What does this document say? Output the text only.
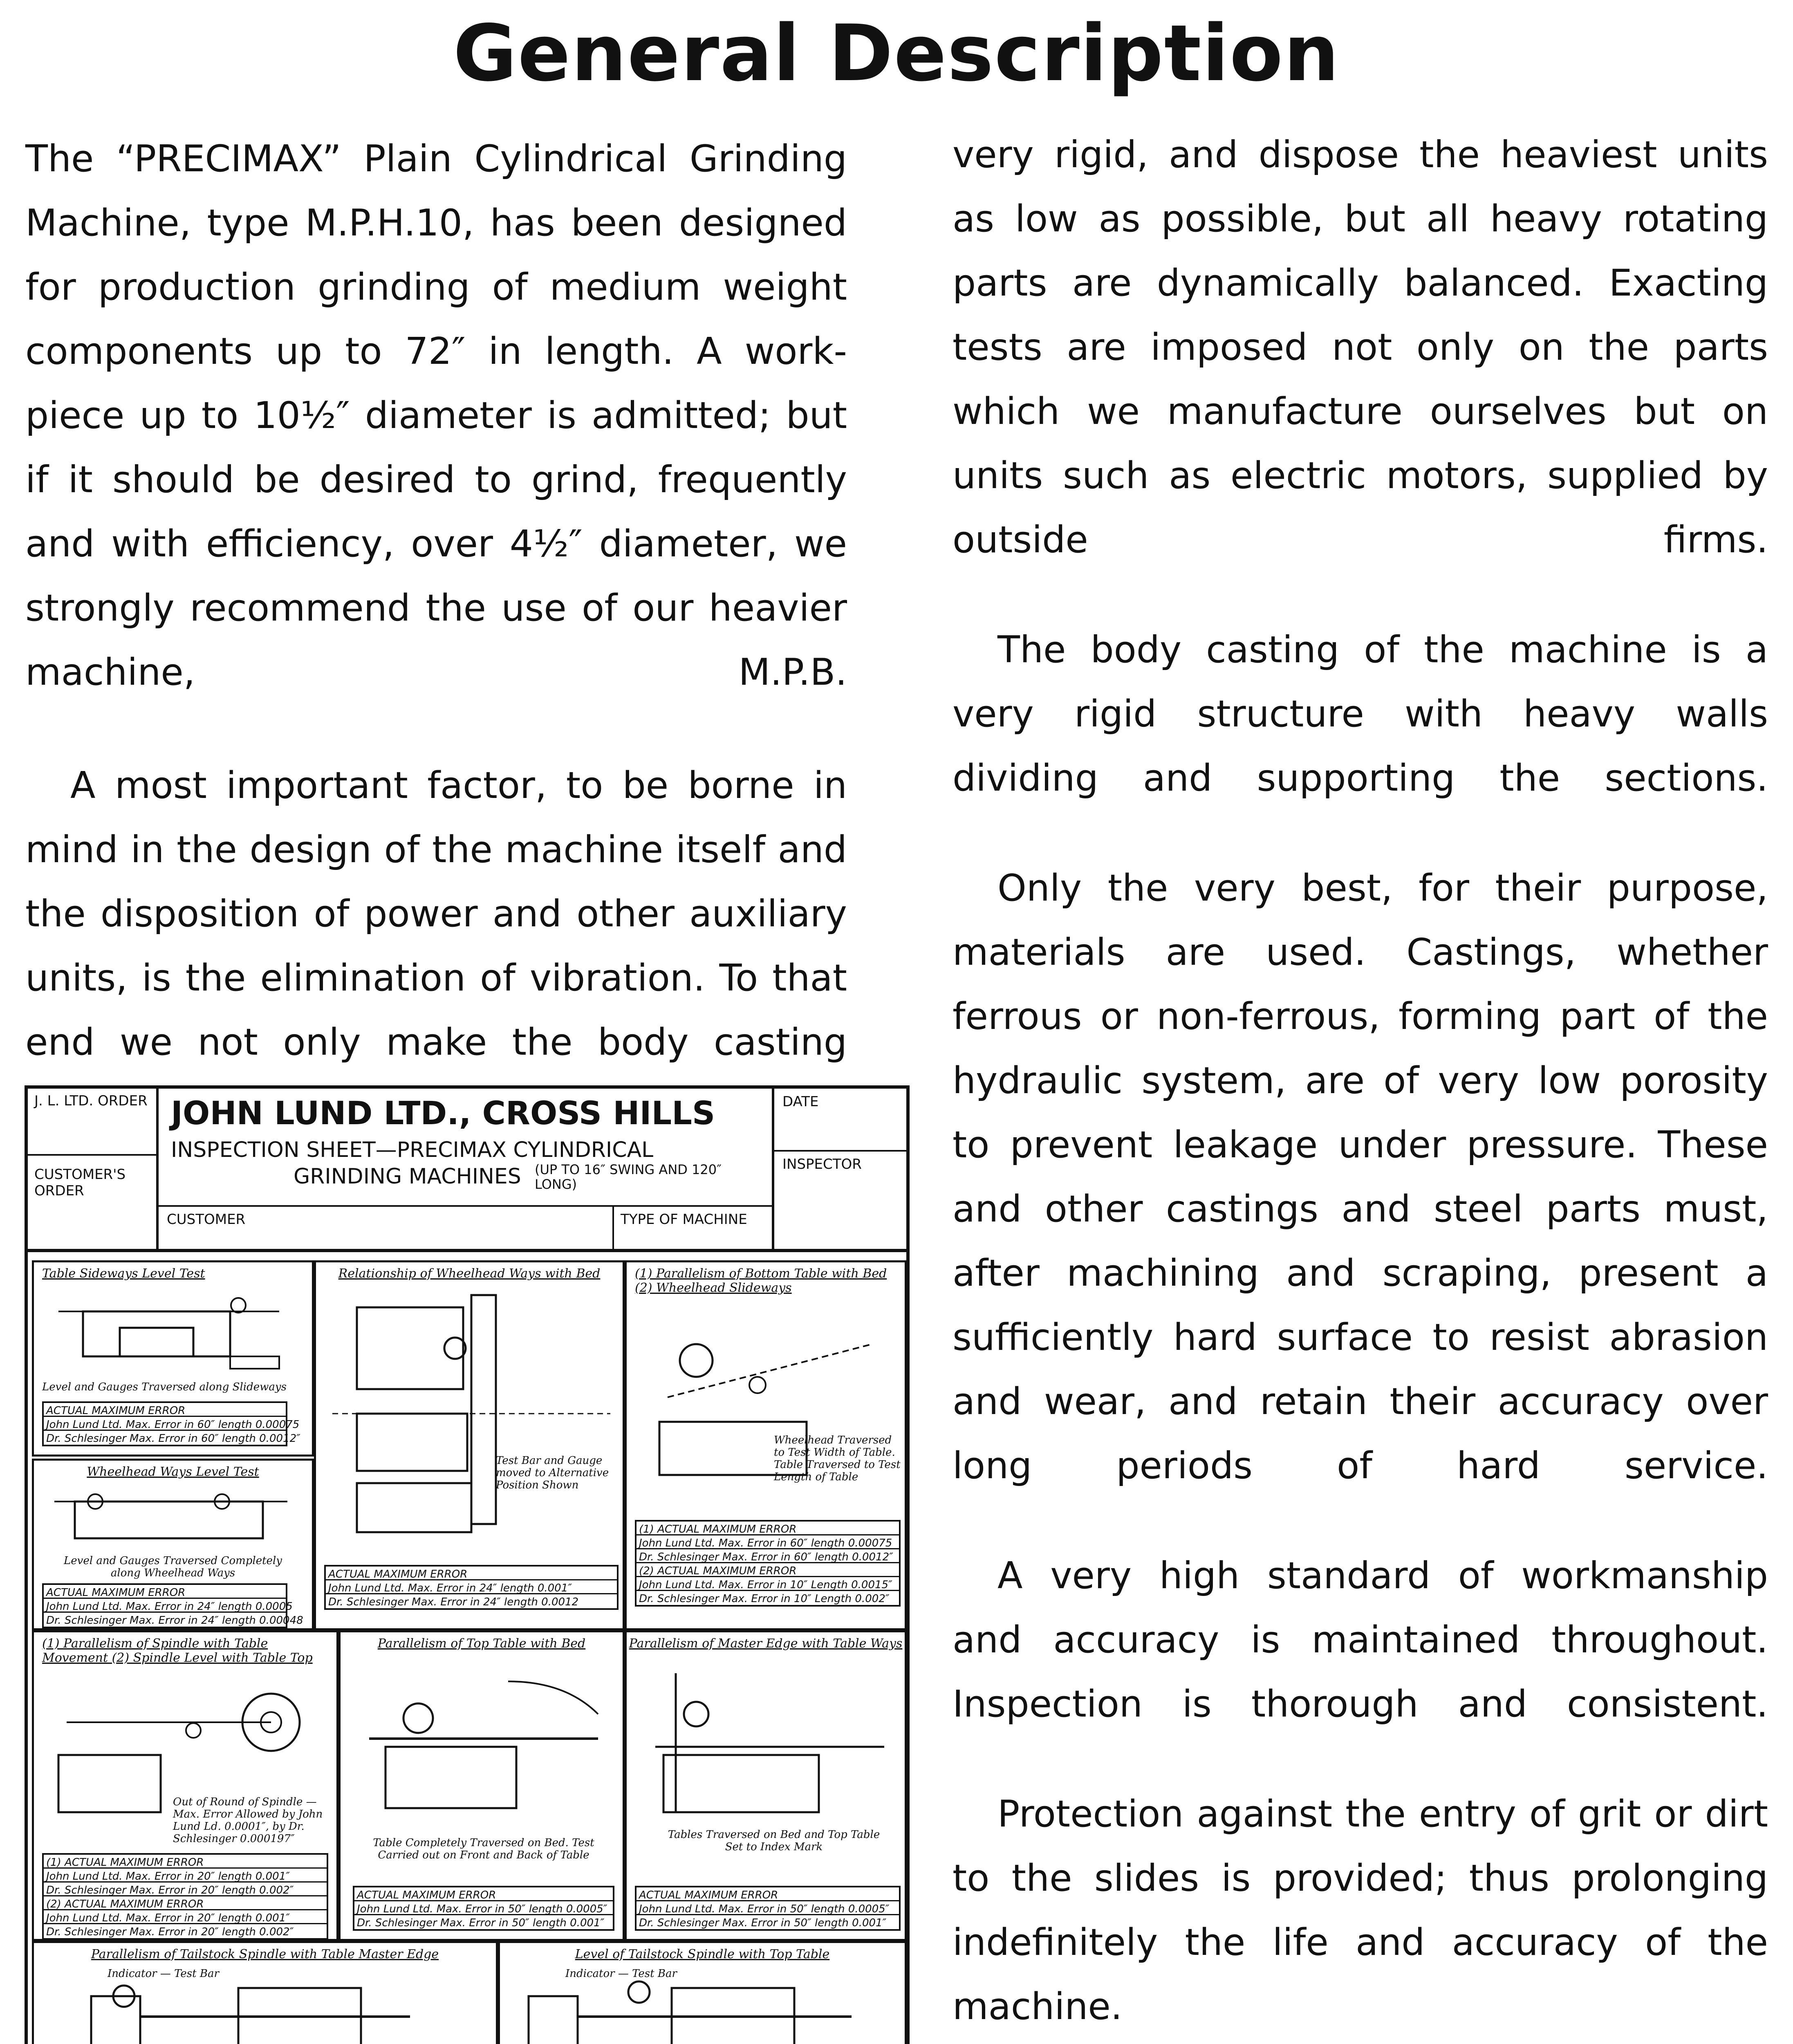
General Description

The “PRECIMAX” Plain Cylindrical Grinding Machine, type M.P.H.10, has been designed for production grinding of medium weight components up to 72″ in length. A work-piece up to 10½″ diameter is admitted; but if it should be desired to grind, frequently and with efficiency, over 4½″ diameter, we strongly recommend the use of our heavier machine, M.P.B.

A most important factor, to be borne in mind in the design of the machine itself and the disposition of power and other auxiliary units, is the elimination of vibration. To that end we not only make the body casting

very rigid, and dispose the heaviest units as low as possible, but all heavy rotating parts are dynamically balanced. Exacting tests are imposed not only on the parts which we manufacture ourselves but on units such as electric motors, supplied by outside firms.

The body casting of the machine is a very rigid structure with heavy walls dividing and supporting the sections.

Only the very best, for their purpose, materials are used. Castings, whether ferrous or non-ferrous, forming part of the hydraulic system, are of very low porosity to prevent leakage under pressure. These and other castings and steel parts must, after machining and scraping, present a sufficiently hard surface to resist abrasion and wear, and retain their accuracy over long periods of hard service.

A very high standard of workmanship and accuracy is maintained throughout. Inspection is thorough and consistent.

Protection against the entry of grit or dirt to the slides is provided; thus prolonging indefinitely the life and accuracy of the machine.

J. L. LTD. ORDER
CUSTOMER'S ORDER
JOHN LUND LTD., CROSS HILLS
INSPECTION SHEET—PRECIMAX CYLINDRICAL
GRINDING MACHINES (UP TO 16″ SWING AND 120″ LONG)
CUSTOMER	TYPE OF MACHINE
DATE
INSPECTOR
Table Sideways Level Test
Level and Gauges Traversed along Slideways
ACTUAL MAXIMUM ERROR
John Lund Ltd. Max. Error in 60″ length 0.00075
Dr. Schlesinger Max. Error in 60″ length 0.0012″
Wheelhead Ways Level Test
Level and Gauges Traversed Completely along Wheelhead Ways
ACTUAL MAXIMUM ERROR
John Lund Ltd. Max. Error in 24″ length 0.0005
Dr. Schlesinger Max. Error in 24″ length 0.00048
Relationship of Wheelhead Ways with Bed
Test Bar and Gauge moved to Alternative Position Shown
ACTUAL MAXIMUM ERROR
John Lund Ltd. Max. Error in 24″ length 0.001″
Dr. Schlesinger Max. Error in 24″ length 0.0012
(1) Parallelism of Bottom Table with Bed (2) Wheelhead Slideways
Wheelhead Traversed to Test Width of Table. Table Traversed to Test Length of Table
(1) ACTUAL MAXIMUM ERROR
John Lund Ltd. Max. Error in 60″ length 0.00075
Dr. Schlesinger Max. Error in 60″ length 0.0012″
(2) ACTUAL MAXIMUM ERROR
John Lund Ltd. Max. Error in 10″ Length 0.0015″
Dr. Schlesinger Max. Error in 10″ Length 0.002″
(1) Parallelism of Spindle with Table Movement (2) Spindle Level with Table Top
Out of Round of Spindle — Max. Error Allowed by John Lund Ld. 0.0001″, by Dr. Schlesinger 0.000197″
(1) ACTUAL MAXIMUM ERROR
John Lund Ltd. Max. Error in 20″ length 0.001″
Dr. Schlesinger Max. Error in 20″ length 0.002″
(2) ACTUAL MAXIMUM ERROR
John Lund Ltd. Max. Error in 20″ length 0.001″
Dr. Schlesinger Max. Error in 20″ length 0.002″
Parallelism of Top Table with Bed
Table Completely Traversed on Bed. Test Carried out on Front and Back of Table
ACTUAL MAXIMUM ERROR
John Lund Ltd. Max. Error in 50″ length 0.0005″
Dr. Schlesinger Max. Error in 50″ length 0.001″
Parallelism of Master Edge with Table Ways
Tables Traversed on Bed and Top Table Set to Index Mark
ACTUAL MAXIMUM ERROR
John Lund Ltd. Max. Error in 50″ length 0.0005″
Dr. Schlesinger Max. Error in 50″ length 0.001″
Parallelism of Tailstock Spindle with Table Master Edge
Indicator — Test Bar
Level of Tailstock Spindle with Top Table
Indicator — Test Bar
